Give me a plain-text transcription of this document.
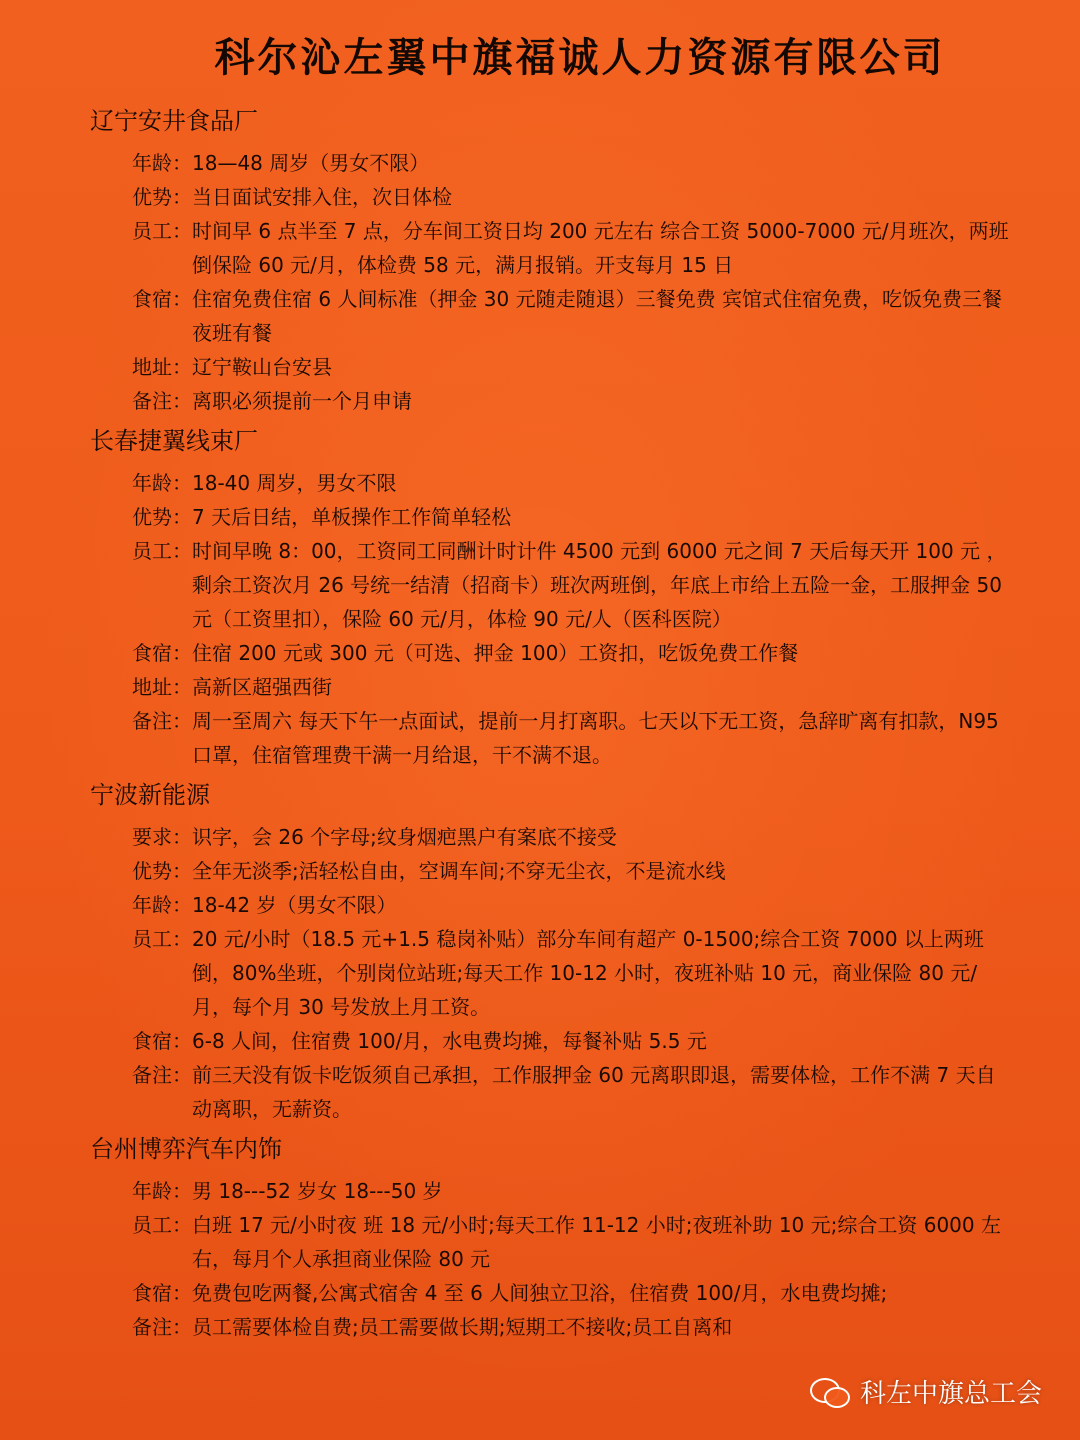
科尔沁左翼中旗福诚人力资源有限公司
辽宁安井食品厂
年龄： 18—48 周岁（男女不限）
优势： 当日面试安排入住，次日体检
员工： 时间早 6 点半至 7 点，分车间工资日均 200 元左右 综合工资 5000-7000 元/月班次，两班倒保险 60 元/月，体检费 58 元，满月报销。开支每月 15 日
食宿： 住宿免费住宿 6 人间标准（押金 30 元随走随退）三餐免费 宾馆式住宿免费，吃饭免费三餐 夜班有餐
地址： 辽宁鞍山台安县
备注： 离职必须提前一个月申请
长春捷翼线束厂
年龄： 18-40 周岁，男女不限
优势： 7 天后日结，单板操作工作简单轻松
员工： 时间早晚 8：00，工资同工同酬计时计件 4500 元到 6000 元之间 7 天后每天开 100 元 ，剩余工资次月 26 号统一结清（招商卡）班次两班倒，年底上市给上五险一金，工服押金 50 元（工资里扣），保险 60 元/月，体检 90 元/人（医科医院）
食宿： 住宿 200 元或 300 元（可选、押金 100）工资扣，吃饭免费工作餐
地址： 高新区超强西街
备注： 周一至周六 每天下午一点面试，提前一月打离职。七天以下无工资，急辞旷离有扣款，N95 口罩，住宿管理费干满一月给退，干不满不退。
宁波新能源
要求： 识字，会 26 个字母;纹身烟疤黑户有案底不接受
优势： 全年无淡季;活轻松自由，空调车间;不穿无尘衣，不是流水线
年龄： 18-42 岁（男女不限）
员工： 20 元/小时（18.5 元+1.5 稳岗补贴）部分车间有超产 0-1500;综合工资 7000 以上两班倒，80%坐班，个别岗位站班;每天工作 10-12 小时，夜班补贴 10 元，商业保险 80 元/月，每个月 30 号发放上月工资。
食宿： 6-8 人间，住宿费 100/月，水电费均摊，每餐补贴 5.5 元
备注： 前三天没有饭卡吃饭须自己承担，工作服押金 60 元离职即退，需要体检，工作不满 7 天自动离职，无薪资。
台州博弈汽车内饰
年龄： 男 18---52 岁女 18---50 岁
员工： 白班 17 元/小时夜 班 18 元/小时;每天工作 11-12 小时;夜班补助 10 元;综合工资 6000 左右，每月个人承担商业保险 80 元
食宿： 免费包吃两餐,公寓式宿舍 4 至 6 人间独立卫浴，住宿费 100/月，水电费均摊;
备注： 员工需要体检自费;员工需要做长期;短期工不接收;员工自离和
科左中旗总工会
